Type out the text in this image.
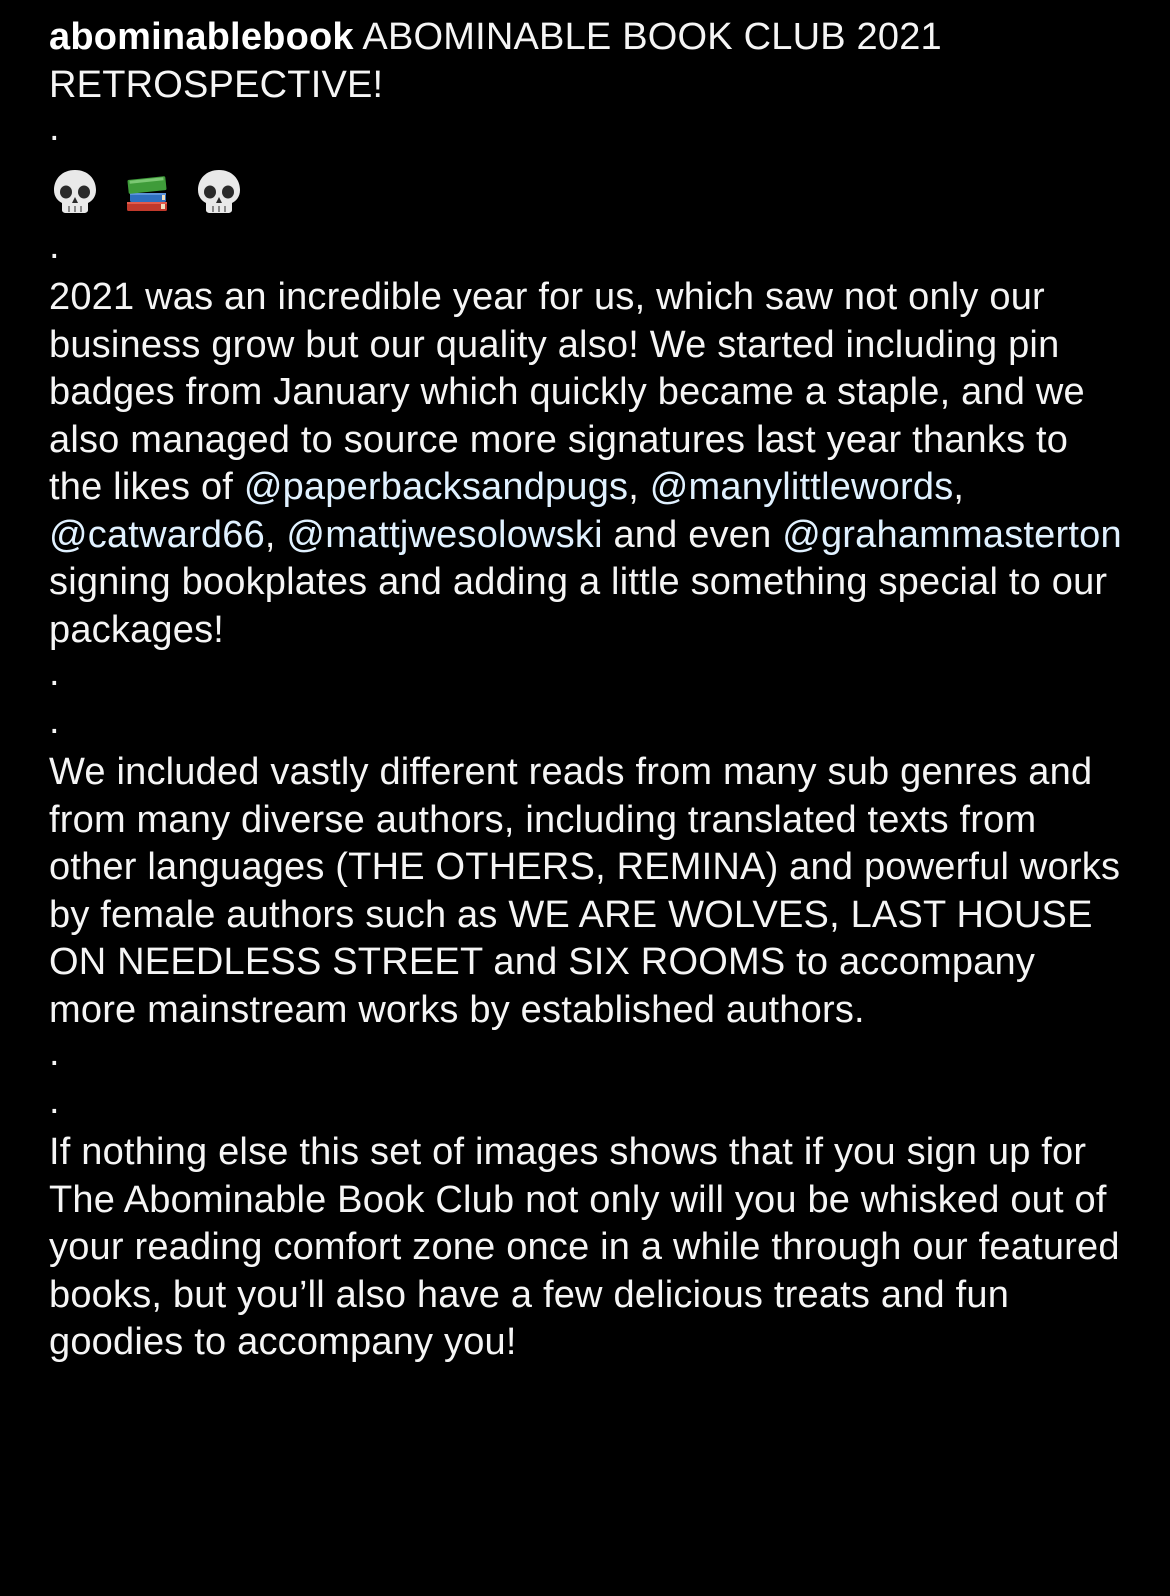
abominablebook ABOMINABLE BOOK CLUB 2021 RETROSPECTIVE!

.

.

2021 was an incredible year for us, which saw not only our business grow but our quality also! We started including pin badges from January which quickly became a staple, and we also managed to source more signatures last year thanks to the likes of @paperbacksandpugs, @manylittlewords, @catward66, @mattjwesolowski and even @grahammasterton signing bookplates and adding a little something special to our packages!

.

.

We included vastly different reads from many sub genres and from many diverse authors, including translated texts from other languages (THE OTHERS, REMINA) and powerful works by female authors such as WE ARE WOLVES, LAST HOUSE ON NEEDLESS STREET and SIX ROOMS to accompany more mainstream works by established authors.

.

.

If nothing else this set of images shows that if you sign up for The Abominable Book Club not only will you be whisked out of your reading comfort zone once in a while through our featured books, but you’ll also have a few delicious treats and fun goodies to accompany you!
